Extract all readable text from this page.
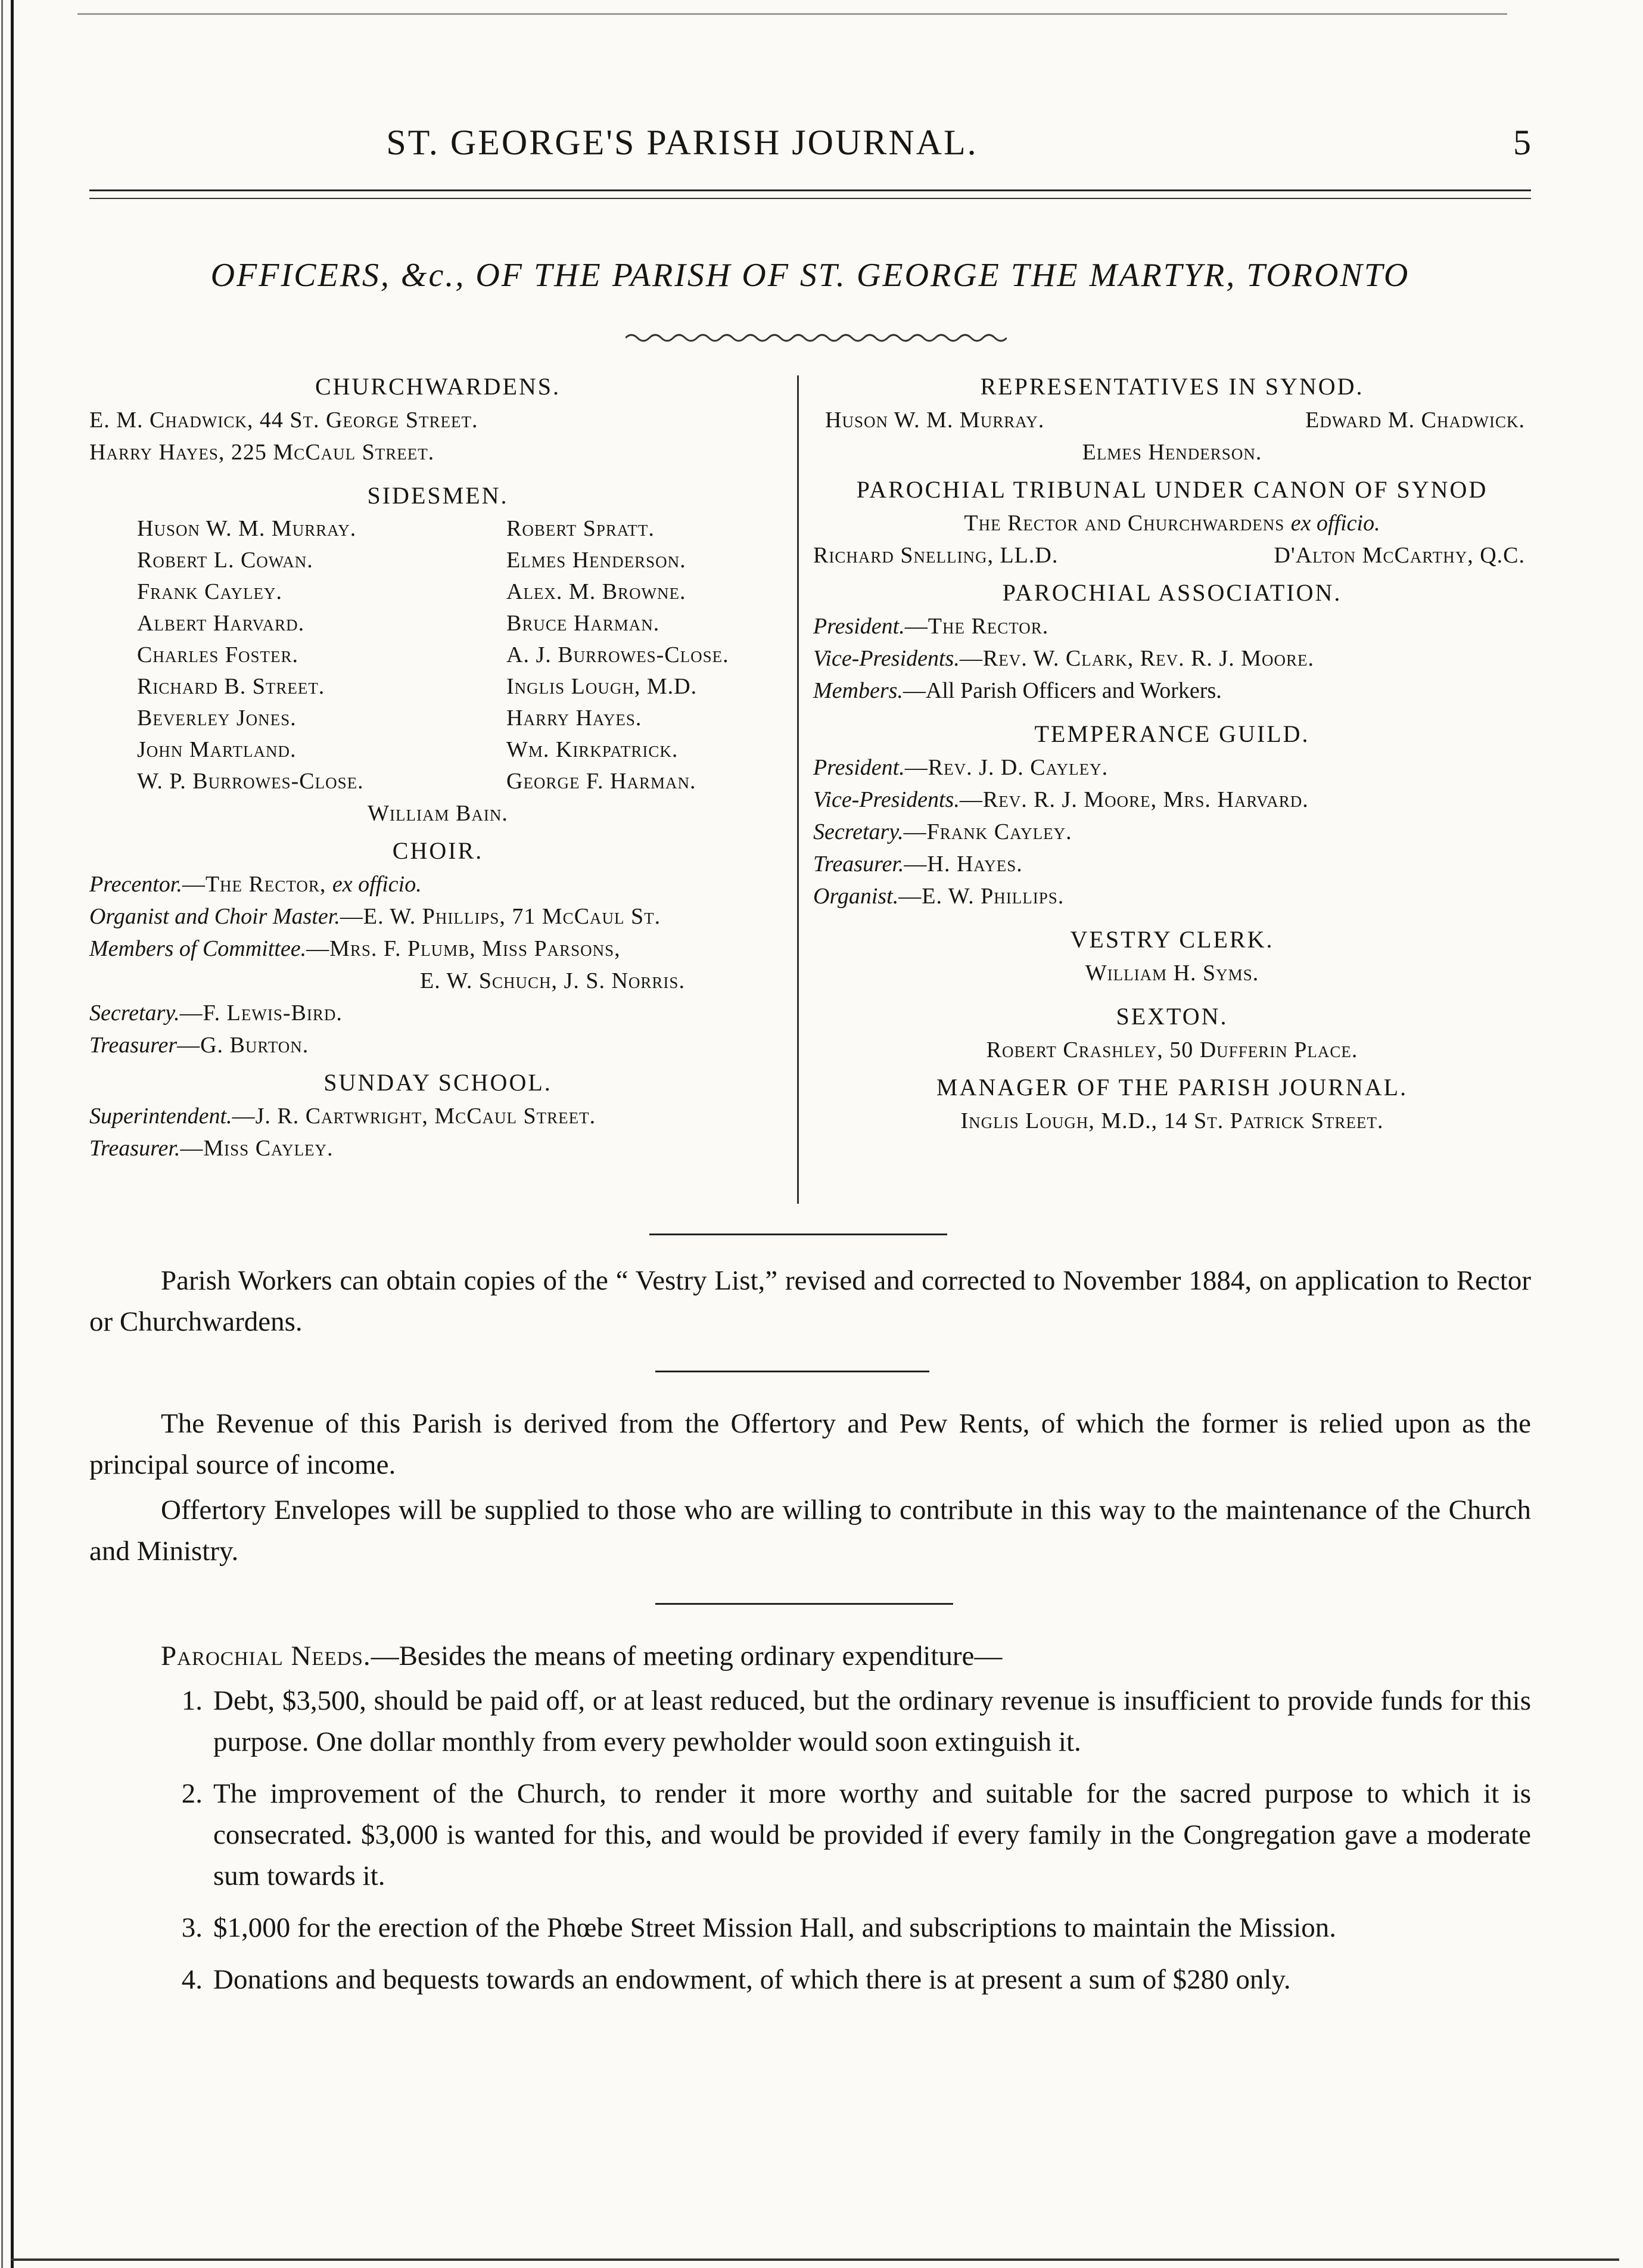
ST. GEORGE'S PARISH JOURNAL.	5
OFFICERS, &c., OF THE PARISH OF ST. GEORGE THE MARTYR, TORONTO
CHURCHWARDENS.
E. M. Chadwick, 44 St. George Street.
Harry Hayes, 225 McCaul Street.
SIDESMEN.
Huson W. M. Murray.	Robert Spratt.
Robert L. Cowan.	Elmes Henderson.
Frank Cayley.	Alex. M. Browne.
Albert Harvard.	Bruce Harman.
Charles Foster.	A. J. Burrowes-Close.
Richard B. Street.	Inglis Lough, M.D.
Beverley Jones.	Harry Hayes.
John Martland.	Wm. Kirkpatrick.
W. P. Burrowes-Close.	George F. Harman.
William Bain.
CHOIR.
Precentor.—The Rector, ex officio.
Organist and Choir Master.—E. W. Phillips, 71 McCaul St.
Members of Committee.—Mrs. F. Plumb, Miss Parsons,
E. W. Schuch, J. S. Norris.
Secretary.—F. Lewis-Bird.
Treasurer—G. Burton.
SUNDAY SCHOOL.
Superintendent.—J. R. Cartwright, McCaul Street.
Treasurer.—Miss Cayley.
REPRESENTATIVES IN SYNOD.
Huson W. M. Murray.	Edward M. Chadwick.
Elmes Henderson.
PAROCHIAL TRIBUNAL UNDER CANON OF SYNOD
The Rector and Churchwardens ex officio.
Richard Snelling, LL.D.	D'Alton McCarthy, Q.C.
PAROCHIAL ASSOCIATION.
President.—The Rector.
Vice-Presidents.—Rev. W. Clark, Rev. R. J. Moore.
Members.—All Parish Officers and Workers.
TEMPERANCE GUILD.
President.—Rev. J. D. Cayley.
Vice-Presidents.—Rev. R. J. Moore, Mrs. Harvard.
Secretary.—Frank Cayley.
Treasurer.—H. Hayes.
Organist.—E. W. Phillips.
VESTRY CLERK.
William H. Syms.
SEXTON.
Robert Crashley, 50 Dufferin Place.
MANAGER OF THE PARISH JOURNAL.
Inglis Lough, M.D., 14 St. Patrick Street.
Parish Workers can obtain copies of the “ Vestry List,” revised and corrected to November 1884, on application to Rector or Churchwardens.
The Revenue of this Parish is derived from the Offertory and Pew Rents, of which the former is relied upon as the principal source of income.
Offertory Envelopes will be supplied to those who are willing to contribute in this way to the maintenance of the Church and Ministry.
Parochial Needs.—Besides the means of meeting ordinary expenditure—
1. Debt, $3,500, should be paid off, or at least reduced, but the ordinary revenue is insufficient to provide funds for this purpose. One dollar monthly from every pewholder would soon extinguish it.
2. The improvement of the Church, to render it more worthy and suitable for the sacred purpose to which it is consecrated. $3,000 is wanted for this, and would be provided if every family in the Congregation gave a moderate sum towards it.
3. $1,000 for the erection of the Phœbe Street Mission Hall, and subscriptions to maintain the Mission.
4. Donations and bequests towards an endowment, of which there is at present a sum of $280 only.
